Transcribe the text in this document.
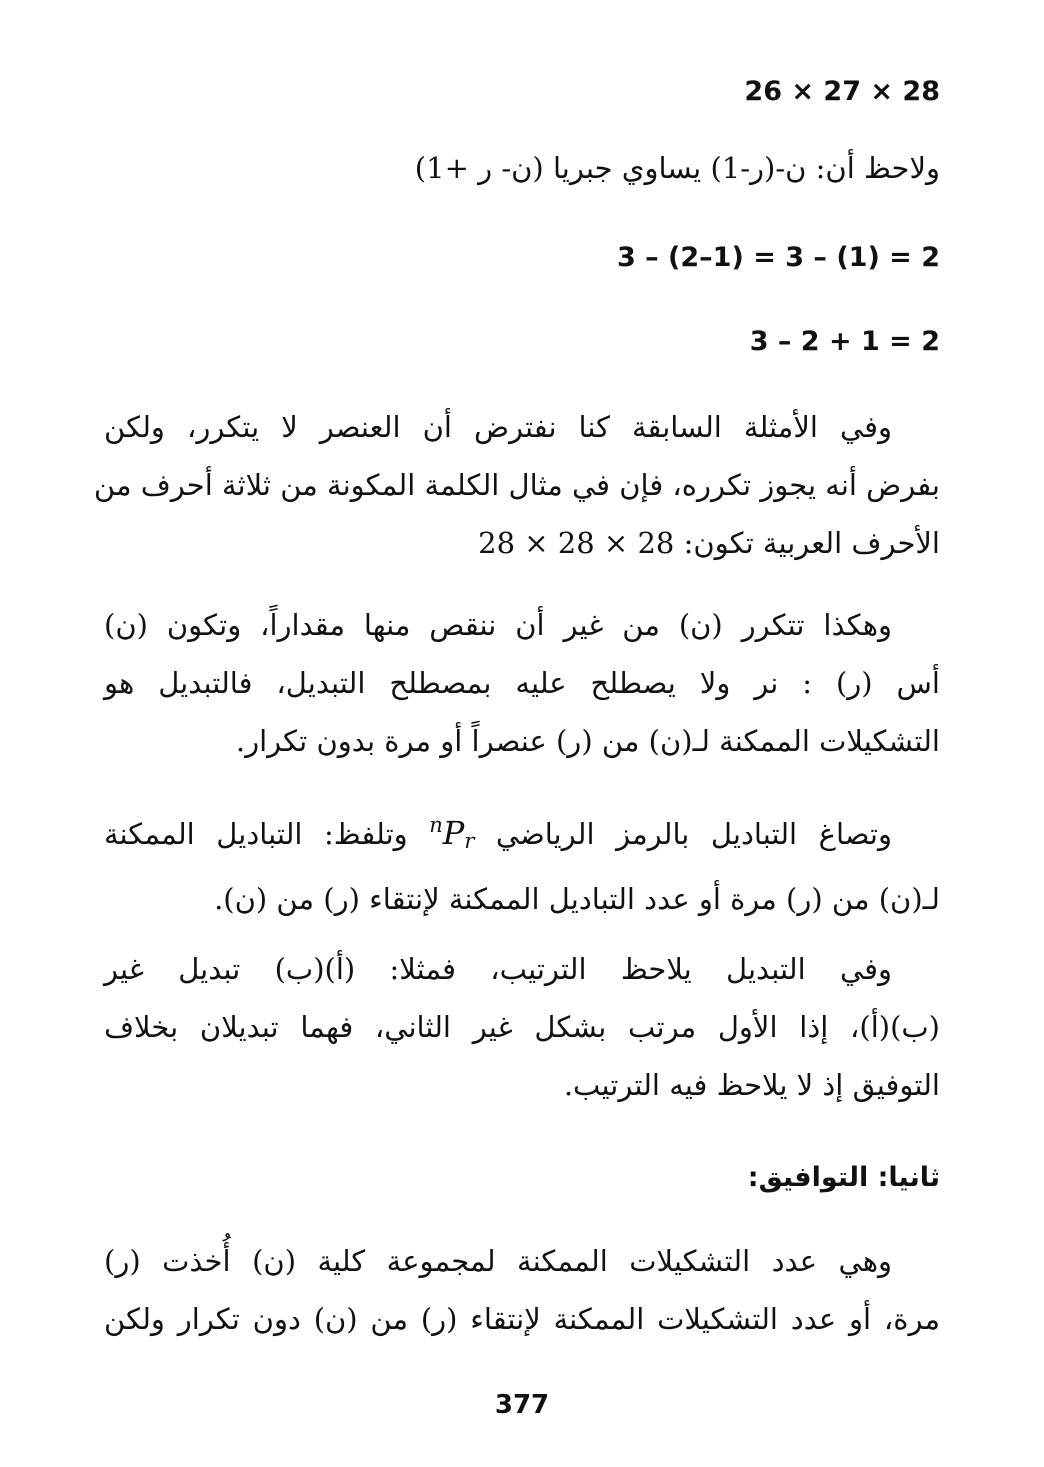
26 × 27 × 28
ولاحظ أن: ن-(ر-1) يساوي جبريا (ن- ر +1)
3 – (2–1) = 3 – (1) = 2
3 – 2 + 1 = 2
وفي الأمثلة السابقة كنا نفترض أن العنصر لا يتكرر، ولكن
بفرض أنه يجوز تكرره، فإن في مثال الكلمة المكونة من ثلاثة أحرف من
الأحرف العربية تكون: 28 × 28 × 28
وهكذا تتكرر (ن) من غير أن ننقص منها مقداراً، وتكون (ن)
أس (ر) : نر ولا يصطلح عليه بمصطلح التبديل، فالتبديل هو
التشكيلات الممكنة لـ(ن) من (ر) عنصراً أو مرة بدون تكرار.
وتصاغ التباديل بالرمز الرياضي $^nP_r$ وتلفظ: التباديل الممكنة
لـ(ن) من (ر) مرة أو عدد التباديل الممكنة لإنتقاء (ر) من (ن).
وفي التبديل يلاحظ الترتيب، فمثلا: (أ)(ب) تبديل غير
(ب)(أ)، إذا الأول مرتب بشكل غير الثاني، فهما تبديلان بخلاف
التوفيق إذ لا يلاحظ فيه الترتيب.
ثانيا: التوافيق:
وهي عدد التشكيلات الممكنة لمجموعة كلية (ن) أُخذت (ر)
مرة، أو عدد التشكيلات الممكنة لإنتقاء (ر) من (ن) دون تكرار ولكن
377
